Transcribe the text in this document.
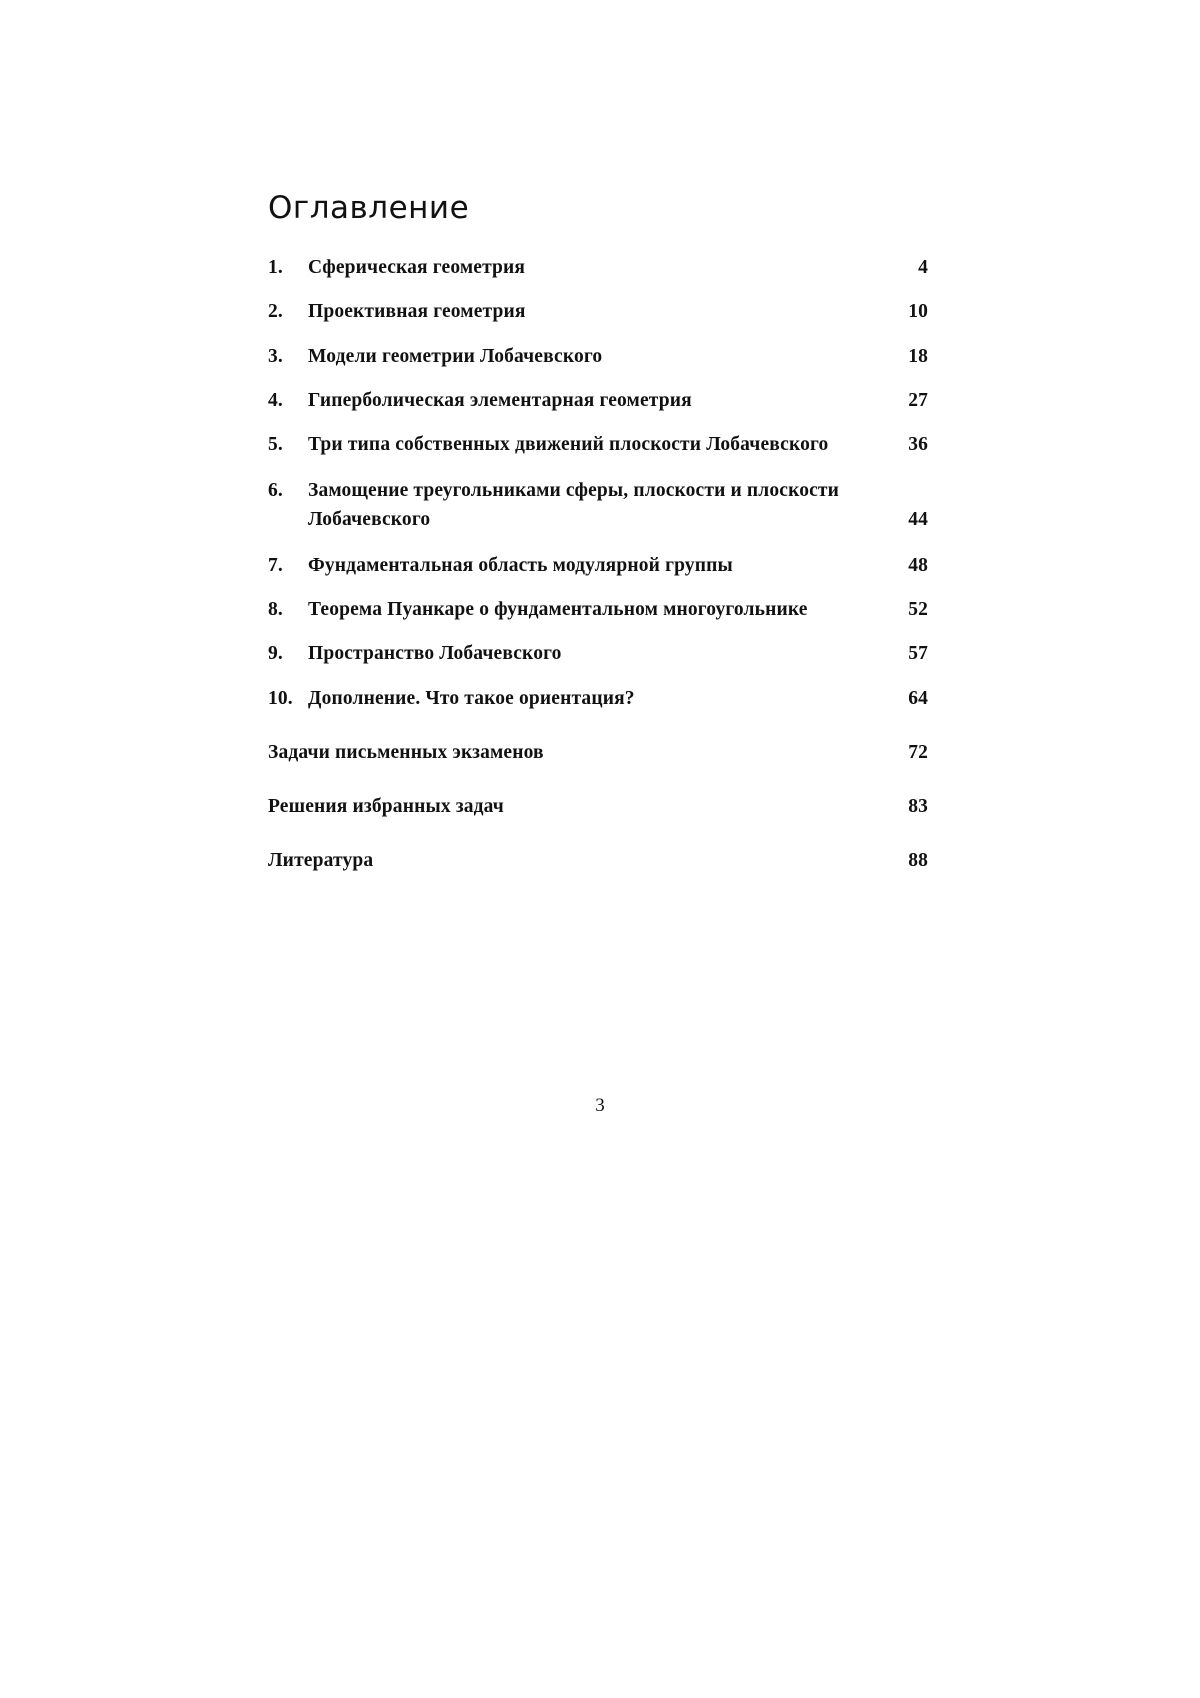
Оглавление
1.	Сферическая геометрия	4
2.	Проективная геометрия	10
3.	Модели геометрии Лобачевского	18
4.	Гиперболическая элементарная геометрия	27
5.	Три типа собственных движений плоскости Лобачевского	36
6.	Замощение треугольниками сферы, плоскости и плоскости Лобачевского	44
7.	Фундаментальная область модулярной группы	48
8.	Теорема Пуанкаре о фундаментальном многоугольнике	52
9.	Пространство Лобачевского	57
10. Дополнение. Что такое ориентация?	64
Задачи письменных экзаменов	72
Решения избранных задач	83
Литература	88
3
